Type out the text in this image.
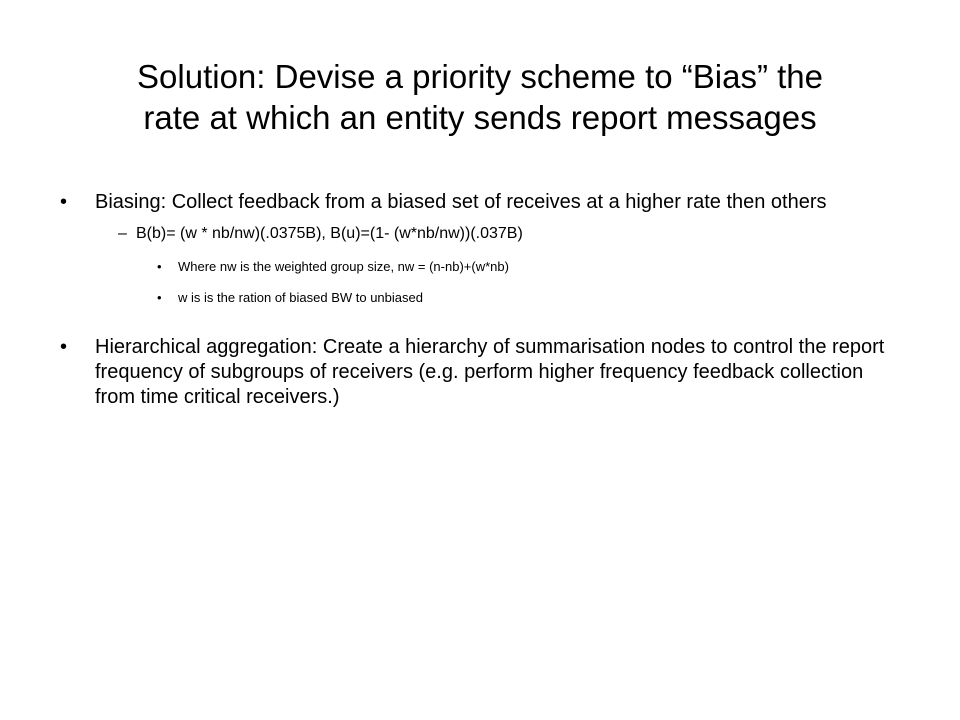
Solution: Devise a priority scheme to “Bias” the
rate at which an entity sends report messages
• Biasing: Collect feedback from a biased set of receives at a higher rate then others
– B(b)= (w * nb/nw)(.0375B), B(u)=(1- (w*nb/nw))(.037B)
• Where nw is the weighted group size, nw = (n-nb)+(w*nb)
• w is is the ration of biased BW to unbiased
• Hierarchical aggregation: Create a hierarchy of summarisation nodes to control the report frequency of subgroups of receivers (e.g. perform higher frequency feedback collection from time critical receivers.)
